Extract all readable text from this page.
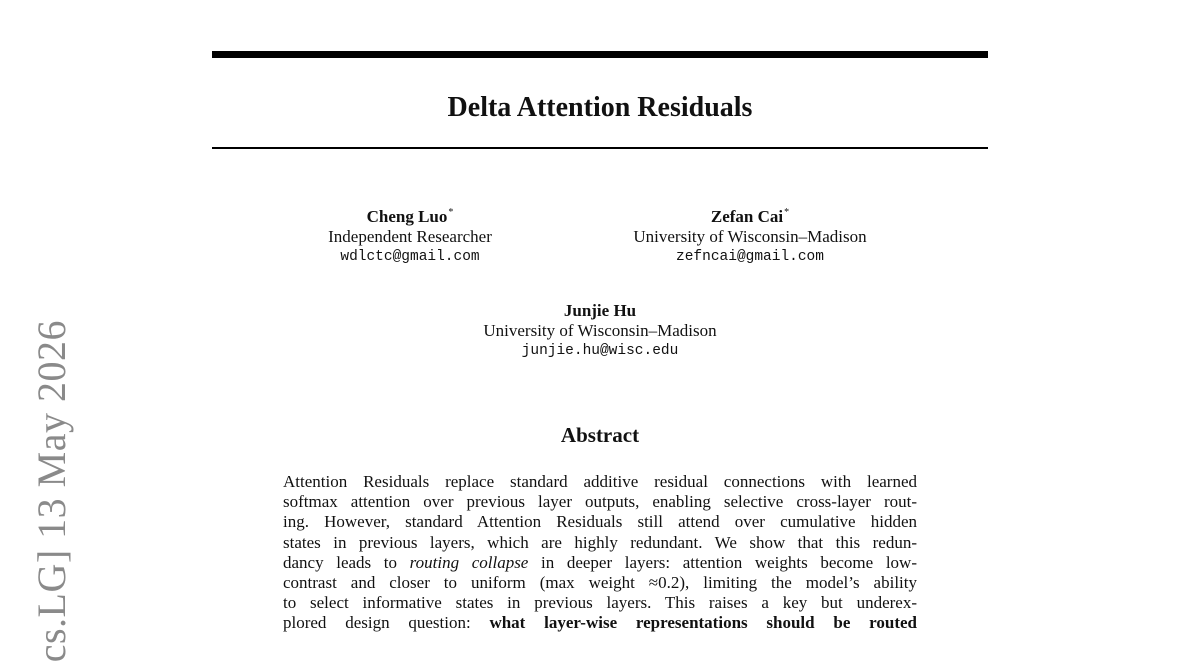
Delta Attention Residuals
Cheng Luo*
Independent Researcher
wdlctc@gmail.com
Zefan Cai*
University of Wisconsin–Madison
zefncai@gmail.com
Junjie Hu
University of Wisconsin–Madison
junjie.hu@wisc.edu
Abstract
Attention Residuals replace standard additive residual connections with learned
softmax attention over previous layer outputs, enabling selective cross-layer rout-
ing. However, standard Attention Residuals still attend over cumulative hidden
states in previous layers, which are highly redundant. We show that this redun-
dancy leads to routing collapse in deeper layers: attention weights become low-
contrast and closer to uniform (max weight ≈0.2), limiting the model’s ability
to select informative states in previous layers. This raises a key but underex-
plored design question: what layer-wise representations should be routed
cs.LG] 13 May 2026
